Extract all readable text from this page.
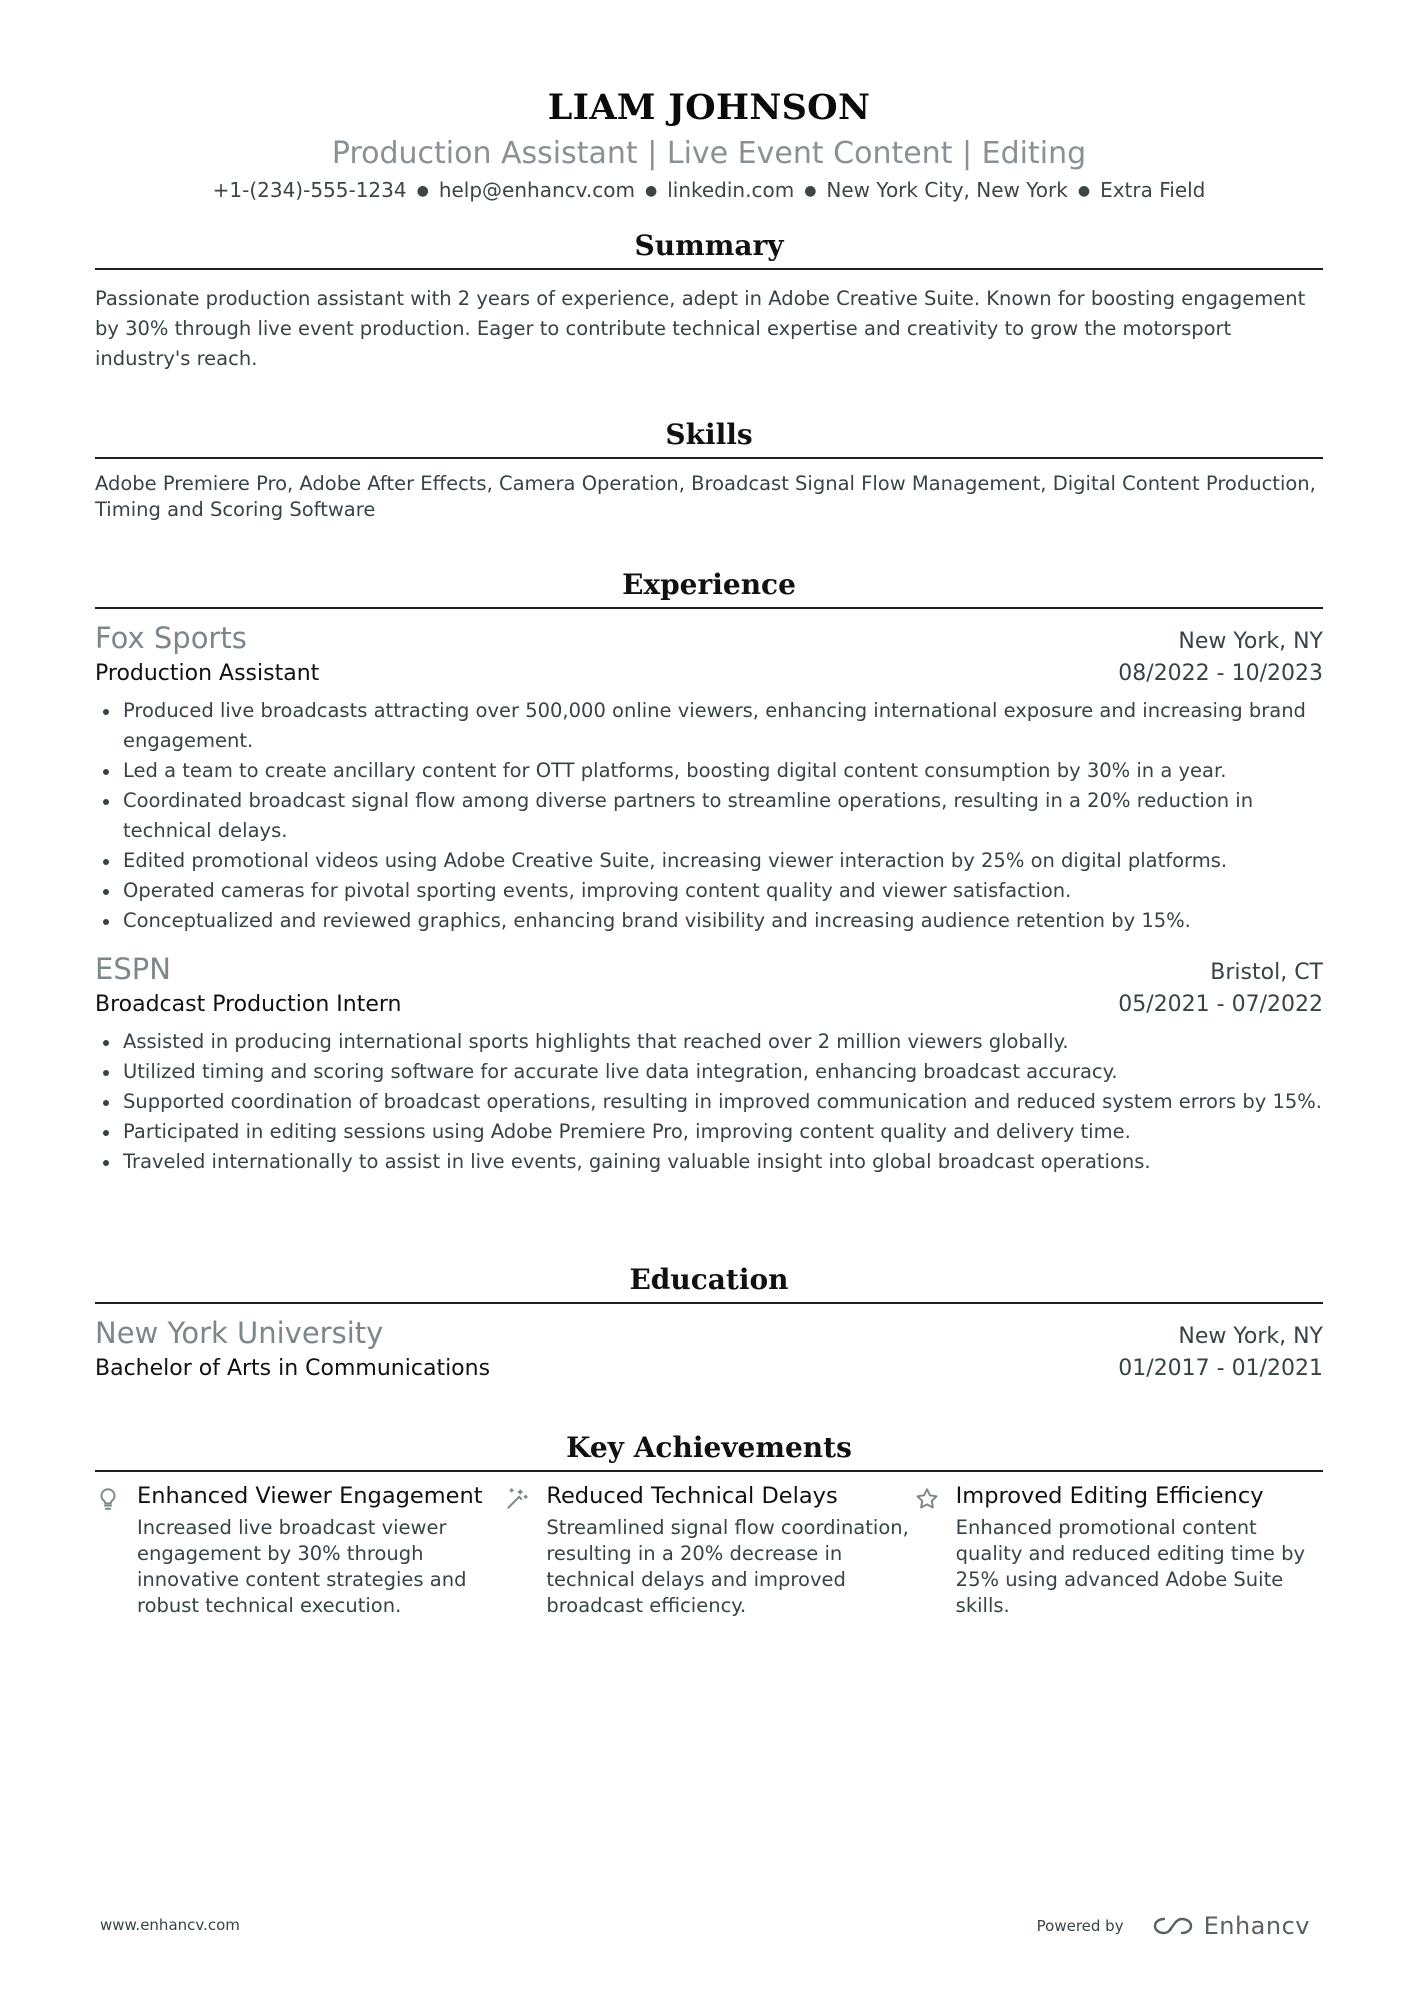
LIAM JOHNSON
Production Assistant | Live Event Content | Editing
+1-(234)-555-1234 ● help@enhancv.com ● linkedin.com ● New York City, New York ● Extra Field
Summary
Passionate production assistant with 2 years of experience, adept in Adobe Creative Suite. Known for boosting engagement by 30% through live event production. Eager to contribute technical expertise and creativity to grow the motorsport industry's reach.
Skills
Adobe Premiere Pro, Adobe After Effects, Camera Operation, Broadcast Signal Flow Management, Digital Content Production, Timing and Scoring Software
Experience
Fox Sports	New York, NY
Production Assistant	08/2022 - 10/2023
Produced live broadcasts attracting over 500,000 online viewers, enhancing international exposure and increasing brand engagement.
Led a team to create ancillary content for OTT platforms, boosting digital content consumption by 30% in a year.
Coordinated broadcast signal flow among diverse partners to streamline operations, resulting in a 20% reduction in technical delays.
Edited promotional videos using Adobe Creative Suite, increasing viewer interaction by 25% on digital platforms.
Operated cameras for pivotal sporting events, improving content quality and viewer satisfaction.
Conceptualized and reviewed graphics, enhancing brand visibility and increasing audience retention by 15%.
ESPN	Bristol, CT
Broadcast Production Intern	05/2021 - 07/2022
Assisted in producing international sports highlights that reached over 2 million viewers globally.
Utilized timing and scoring software for accurate live data integration, enhancing broadcast accuracy.
Supported coordination of broadcast operations, resulting in improved communication and reduced system errors by 15%.
Participated in editing sessions using Adobe Premiere Pro, improving content quality and delivery time.
Traveled internationally to assist in live events, gaining valuable insight into global broadcast operations.
Education
New York University	New York, NY
Bachelor of Arts in Communications	01/2017 - 01/2021
Key Achievements
Enhanced Viewer Engagement
Increased live broadcast viewer engagement by 30% through innovative content strategies and robust technical execution.
Reduced Technical Delays
Streamlined signal flow coordination, resulting in a 20% decrease in technical delays and improved broadcast efficiency.
Improved Editing Efficiency
Enhanced promotional content quality and reduced editing time by 25% using advanced Adobe Suite skills.
www.enhancv.com	Powered by	Enhancv
